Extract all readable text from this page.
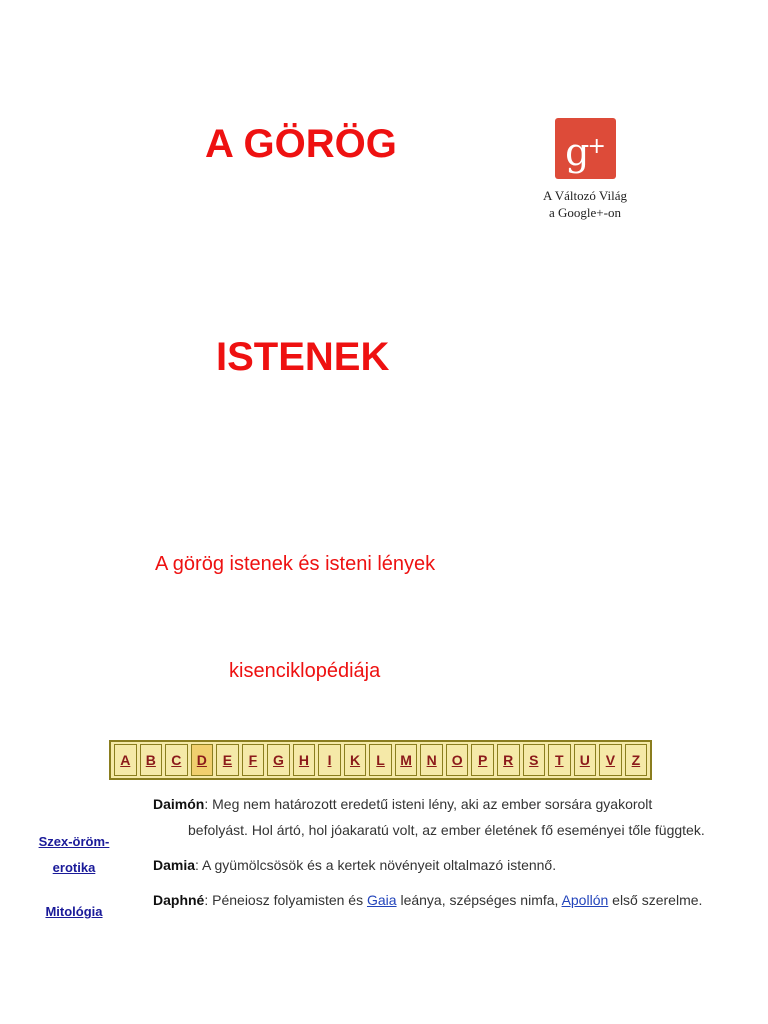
A GÖRÖG
ISTENEK
g+
A Változó Világ
a Google+-on
A görög istenek és isteni lények
kisenciklopédiája
A	B	C	D	E	F	G	H	I	K	L	M	N	O	P	R	S	T	U	V	Z
Szex-öröm-
erotika
Mitológia
Daimón: Meg nem határozott eredetű isteni lény, aki az ember sorsára gyakorolt
befolyást. Hol ártó, hol jóakaratú volt, az ember életének fő eseményei tőle függtek.
Damia: A gyümölcsösök és a kertek növényeit oltalmazó istennő.
Daphné: Péneiosz folyamisten és Gaia leánya, szépséges nimfa, Apollón első szerelme.
